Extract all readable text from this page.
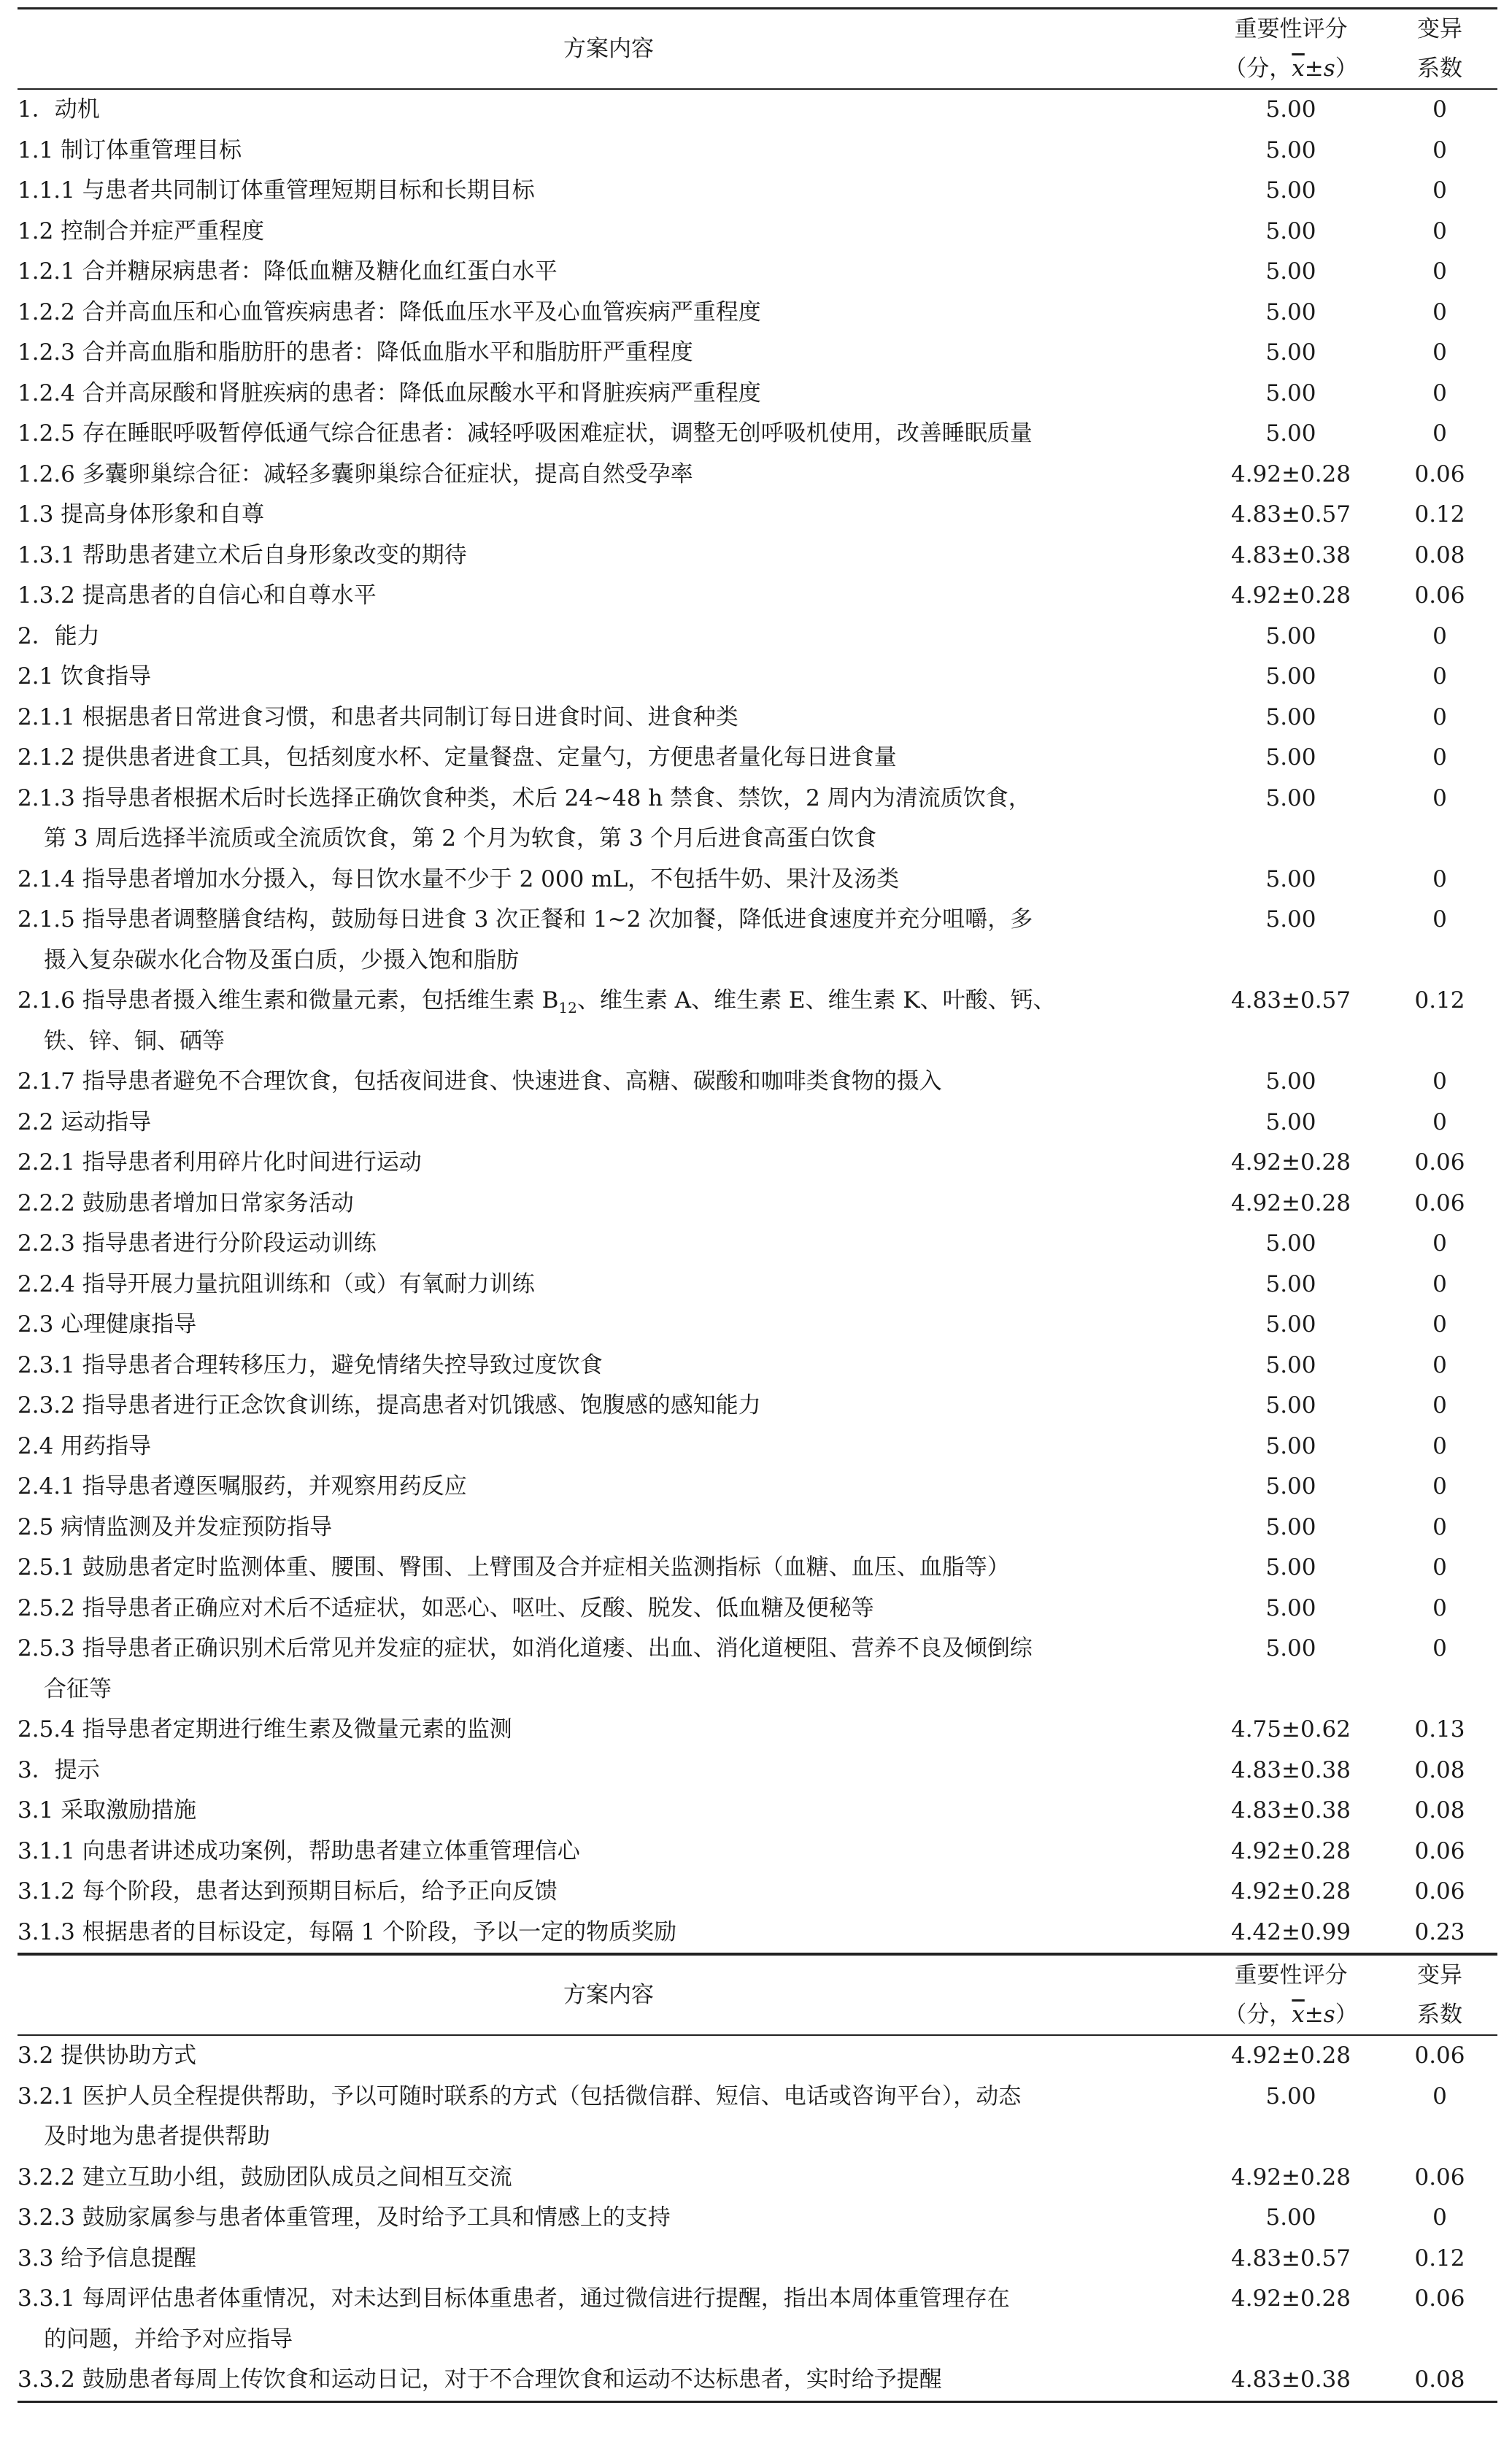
方案内容	重要性评分
（分，$\overline{x}\pm s$）	变异
系数

1．动机	5.00	0

1.1 制订体重管理目标	5.00	0

1.1.1 与患者共同制订体重管理短期目标和长期目标	5.00	0

1.2 控制合并症严重程度	5.00	0

1.2.1 合并糖尿病患者：降低血糖及糖化血红蛋白水平	5.00	0

1.2.2 合并高血压和心血管疾病患者：降低血压水平及心血管疾病严重程度	5.00	0

1.2.3 合并高血脂和脂肪肝的患者：降低血脂水平和脂肪肝严重程度	5.00	0

1.2.4 合并高尿酸和肾脏疾病的患者：降低血尿酸水平和肾脏疾病严重程度	5.00	0

1.2.5 存在睡眠呼吸暂停低通气综合征患者：减轻呼吸困难症状，调整无创呼吸机使用，改善睡眠质量	5.00	0

1.2.6 多囊卵巢综合征：减轻多囊卵巢综合征症状，提高自然受孕率	4.92±0.28	0.06

1.3 提高身体形象和自尊	4.83±0.57	0.12

1.3.1 帮助患者建立术后自身形象改变的期待	4.83±0.38	0.08

1.3.2 提高患者的自信心和自尊水平	4.92±0.28	0.06

2．能力	5.00	0

2.1 饮食指导	5.00	0

2.1.1 根据患者日常进食习惯，和患者共同制订每日进食时间、进食种类	5.00	0

2.1.2 提供患者进食工具，包括刻度水杯、定量餐盘、定量勺，方便患者量化每日进食量	5.00	0

2.1.3 指导患者根据术后时长选择正确饮食种类，术后 24~48 h 禁食、禁饮，2 周内为清流质饮食，
第 3 周后选择半流质或全流质饮食，第 2 个月为软食，第 3 个月后进食高蛋白饮食	5.00	0

2.1.4 指导患者增加水分摄入，每日饮水量不少于 2 000 mL，不包括牛奶、果汁及汤类	5.00	0

2.1.5 指导患者调整膳食结构，鼓励每日进食 3 次正餐和 1~2 次加餐，降低进食速度并充分咀嚼，多
摄入复杂碳水化合物及蛋白质，少摄入饱和脂肪	5.00	0

2.1.6 指导患者摄入维生素和微量元素，包括维生素 $B_{12}$、维生素 A、维生素 E、维生素 K、叶酸、钙、
铁、锌、铜、硒等	4.83±0.57	0.12

2.1.7 指导患者避免不合理饮食，包括夜间进食、快速进食、高糖、碳酸和咖啡类食物的摄入	5.00	0

2.2 运动指导	5.00	0

2.2.1 指导患者利用碎片化时间进行运动	4.92±0.28	0.06

2.2.2 鼓励患者增加日常家务活动	4.92±0.28	0.06

2.2.3 指导患者进行分阶段运动训练	5.00	0

2.2.4 指导开展力量抗阻训练和（或）有氧耐力训练	5.00	0

2.3 心理健康指导	5.00	0

2.3.1 指导患者合理转移压力，避免情绪失控导致过度饮食	5.00	0

2.3.2 指导患者进行正念饮食训练，提高患者对饥饿感、饱腹感的感知能力	5.00	0

2.4 用药指导	5.00	0

2.4.1 指导患者遵医嘱服药，并观察用药反应	5.00	0

2.5 病情监测及并发症预防指导	5.00	0

2.5.1 鼓励患者定时监测体重、腰围、臀围、上臂围及合并症相关监测指标（血糖、血压、血脂等）	5.00	0

2.5.2 指导患者正确应对术后不适症状，如恶心、呕吐、反酸、脱发、低血糖及便秘等	5.00	0

2.5.3 指导患者正确识别术后常见并发症的症状，如消化道瘘、出血、消化道梗阻、营养不良及倾倒综
合征等	5.00	0

2.5.4 指导患者定期进行维生素及微量元素的监测	4.75±0.62	0.13

3．提示	4.83±0.38	0.08

3.1 采取激励措施	4.83±0.38	0.08

3.1.1 向患者讲述成功案例，帮助患者建立体重管理信心	4.92±0.28	0.06

3.1.2 每个阶段，患者达到预期目标后，给予正向反馈	4.92±0.28	0.06

3.1.3 根据患者的目标设定，每隔 1 个阶段，予以一定的物质奖励	4.42±0.99	0.23
方案内容	重要性评分
（分，$\overline{x}\pm s$）	变异
系数

3.2 提供协助方式	4.92±0.28	0.06

3.2.1 医护人员全程提供帮助，予以可随时联系的方式（包括微信群、短信、电话或咨询平台），动态
及时地为患者提供帮助	5.00	0

3.2.2 建立互助小组，鼓励团队成员之间相互交流	4.92±0.28	0.06

3.2.3 鼓励家属参与患者体重管理，及时给予工具和情感上的支持	5.00	0

3.3 给予信息提醒	4.83±0.57	0.12

3.3.1 每周评估患者体重情况，对未达到目标体重患者，通过微信进行提醒，指出本周体重管理存在
的问题，并给予对应指导	4.92±0.28	0.06

3.3.2 鼓励患者每周上传饮食和运动日记，对于不合理饮食和运动不达标患者，实时给予提醒	4.83±0.38	0.08
